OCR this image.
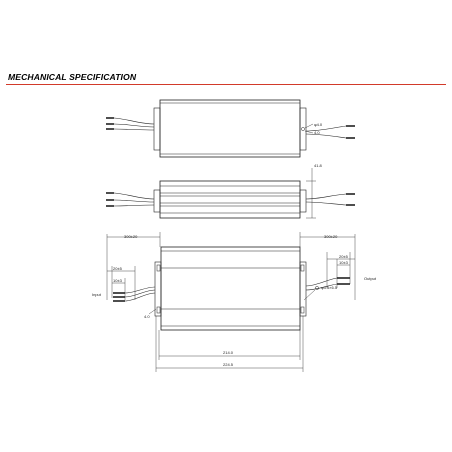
MECHANICAL SPECIFICATION
φ4.0
4.0
41.8
300±20	300±20
20±5
10±3
20±5
10±3
Input
Output
φ3.5×6.5
4.0
214.0
224.5
